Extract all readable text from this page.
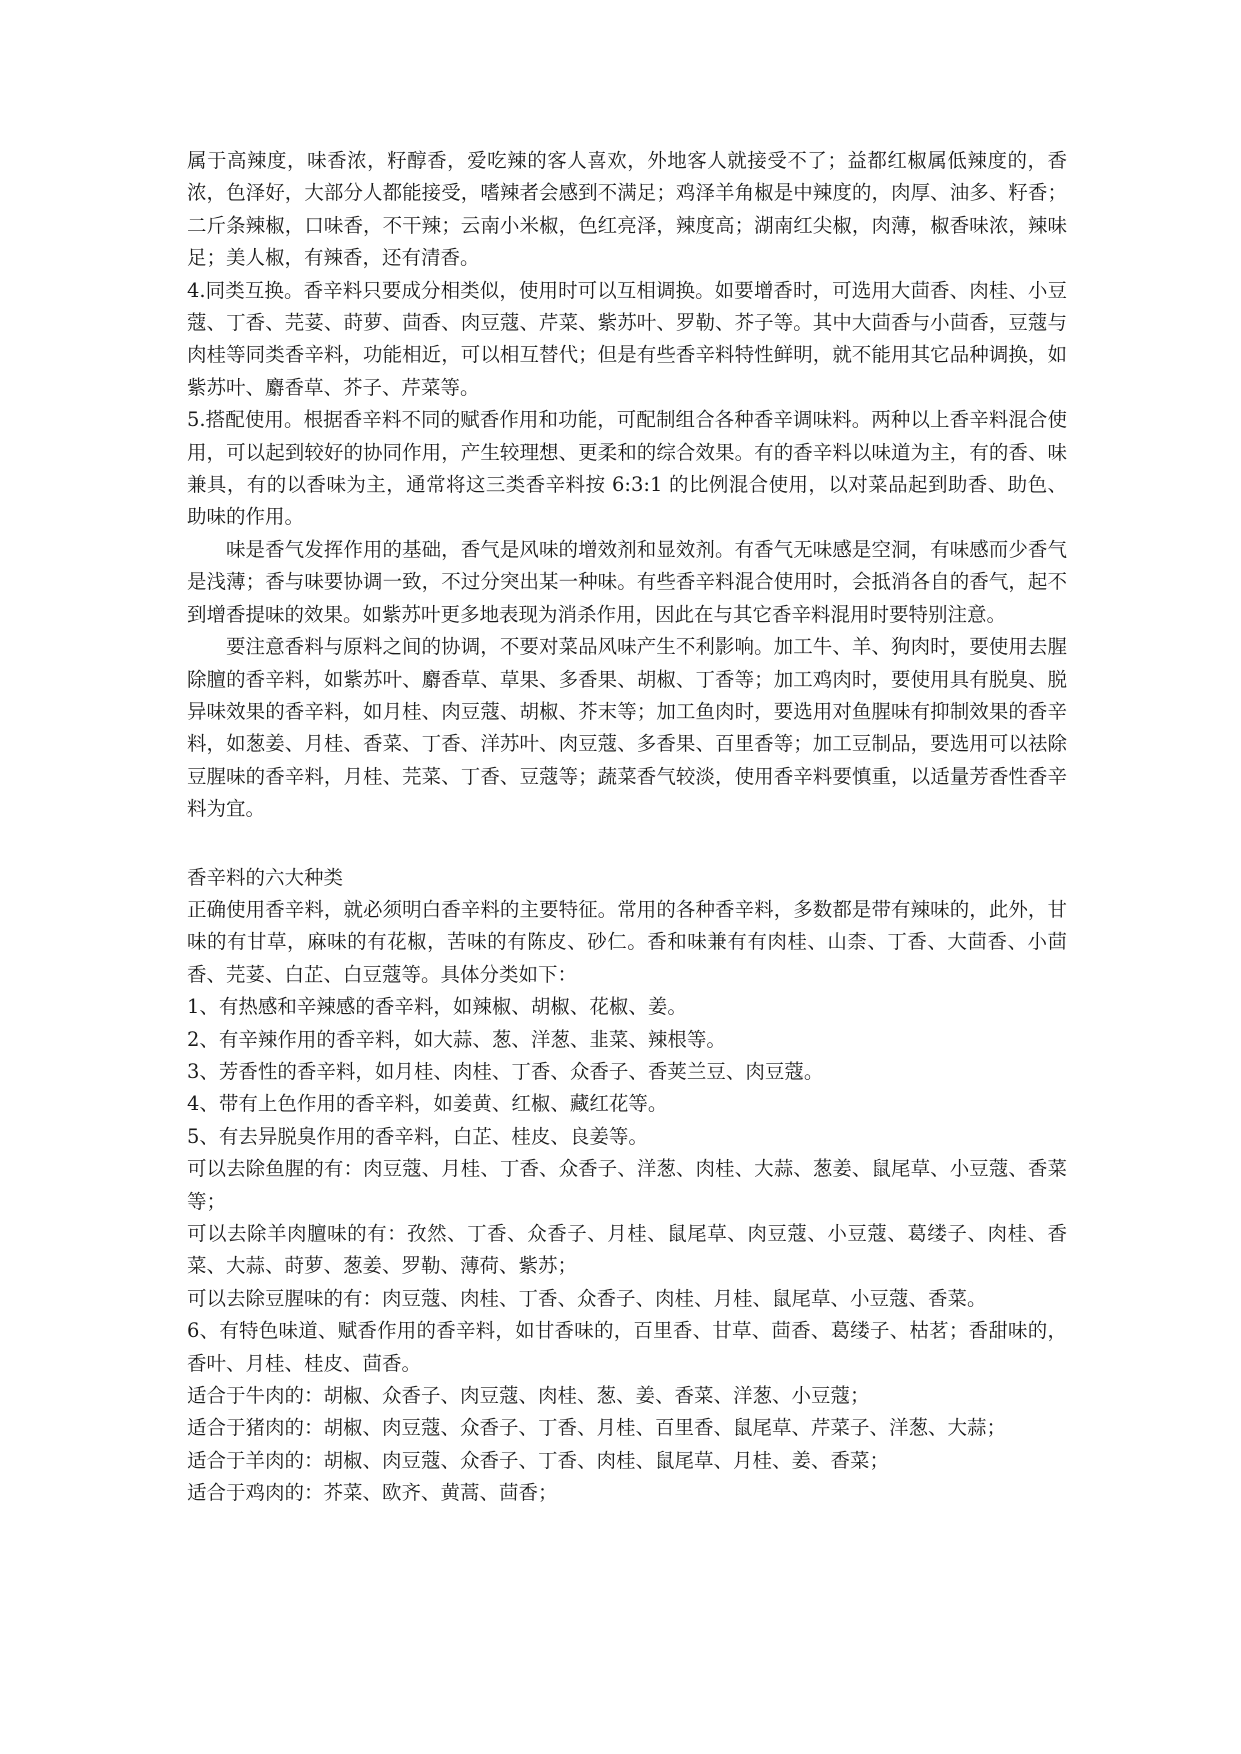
属于高辣度，味香浓，籽醇香，爱吃辣的客人喜欢，外地客人就接受不了；益都红椒属低辣度的，香浓，色泽好，大部分人都能接受，嗜辣者会感到不满足；鸡泽羊角椒是中辣度的，肉厚、油多、籽香；二斤条辣椒，口味香，不干辣；云南小米椒，色红亮泽，辣度高；湖南红尖椒，肉薄，椒香味浓，辣味足；美人椒，有辣香，还有清香。

4.同类互换。香辛料只要成分相类似，使用时可以互相调换。如要增香时，可选用大茴香、肉桂、小豆蔻、丁香、芫荽、莳萝、茴香、肉豆蔻、芹菜、紫苏叶、罗勒、芥子等。其中大茴香与小茴香，豆蔻与肉桂等同类香辛料，功能相近，可以相互替代；但是有些香辛料特性鲜明，就不能用其它品种调换，如紫苏叶、麝香草、芥子、芹菜等。

5.搭配使用。根据香辛料不同的赋香作用和功能，可配制组合各种香辛调味料。两种以上香辛料混合使用，可以起到较好的协同作用，产生较理想、更柔和的综合效果。有的香辛料以味道为主，有的香、味兼具，有的以香味为主，通常将这三类香辛料按 6:3:1 的比例混合使用，以对菜品起到助香、助色、助味的作用。

味是香气发挥作用的基础，香气是风味的增效剂和显效剂。有香气无味感是空洞，有味感而少香气是浅薄；香与味要协调一致，不过分突出某一种味。有些香辛料混合使用时，会抵消各自的香气，起不到增香提味的效果。如紫苏叶更多地表现为消杀作用，因此在与其它香辛料混用时要特别注意。

要注意香料与原料之间的协调，不要对菜品风味产生不利影响。加工牛、羊、狗肉时，要使用去腥除膻的香辛料，如紫苏叶、麝香草、草果、多香果、胡椒、丁香等；加工鸡肉时，要使用具有脱臭、脱异味效果的香辛料，如月桂、肉豆蔻、胡椒、芥末等；加工鱼肉时，要选用对鱼腥味有抑制效果的香辛料，如葱姜、月桂、香菜、丁香、洋苏叶、肉豆蔻、多香果、百里香等；加工豆制品，要选用可以祛除豆腥味的香辛料，月桂、芫菜、丁香、豆蔻等；蔬菜香气较淡，使用香辛料要慎重，以适量芳香性香辛料为宜。

香辛料的六大种类

正确使用香辛料，就必须明白香辛料的主要特征。常用的各种香辛料，多数都是带有辣味的，此外，甘味的有甘草，麻味的有花椒，苦味的有陈皮、砂仁。香和味兼有有肉桂、山柰、丁香、大茴香、小茴香、芫荽、白芷、白豆蔻等。具体分类如下：

1、有热感和辛辣感的香辛料，如辣椒、胡椒、花椒、姜。

2、有辛辣作用的香辛料，如大蒜、葱、洋葱、韭菜、辣根等。

3、芳香性的香辛料，如月桂、肉桂、丁香、众香子、香荚兰豆、肉豆蔻。

4、带有上色作用的香辛料，如姜黄、红椒、藏红花等。

5、有去异脱臭作用的香辛料，白芷、桂皮、良姜等。

可以去除鱼腥的有：肉豆蔻、月桂、丁香、众香子、洋葱、肉桂、大蒜、葱姜、鼠尾草、小豆蔻、香菜等；

可以去除羊肉膻味的有：孜然、丁香、众香子、月桂、鼠尾草、肉豆蔻、小豆蔻、葛缕子、肉桂、香菜、大蒜、莳萝、葱姜、罗勒、薄荷、紫苏；

可以去除豆腥味的有：肉豆蔻、肉桂、丁香、众香子、肉桂、月桂、鼠尾草、小豆蔻、香菜。

6、有特色味道、赋香作用的香辛料，如甘香味的，百里香、甘草、茴香、葛缕子、枯茗；香甜味的，香叶、月桂、桂皮、茴香。

适合于牛肉的：胡椒、众香子、肉豆蔻、肉桂、葱、姜、香菜、洋葱、小豆蔻；

适合于猪肉的：胡椒、肉豆蔻、众香子、丁香、月桂、百里香、鼠尾草、芹菜子、洋葱、大蒜；

适合于羊肉的：胡椒、肉豆蔻、众香子、丁香、肉桂、鼠尾草、月桂、姜、香菜；

适合于鸡肉的：芥菜、欧齐、黄蒿、茴香；
